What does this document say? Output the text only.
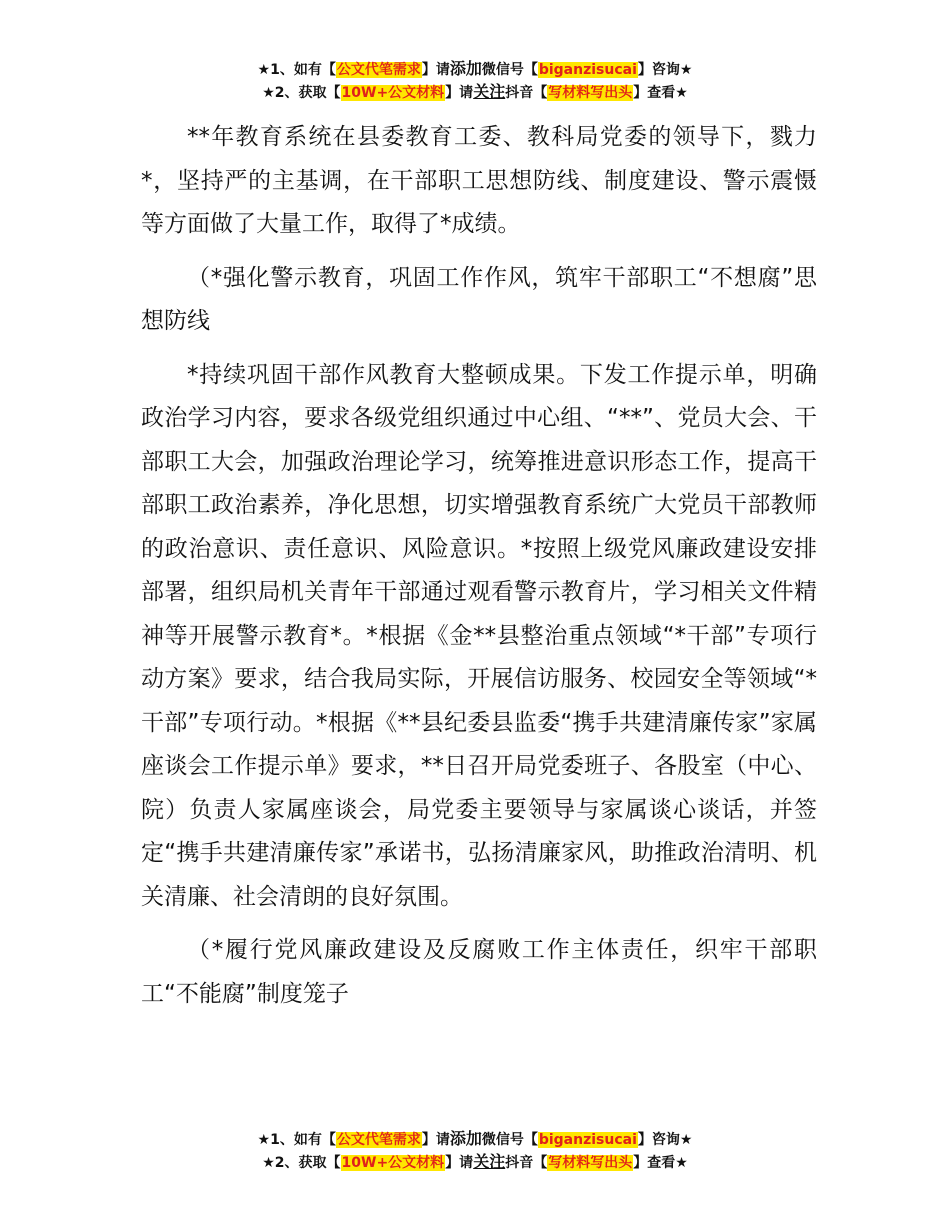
★1、如有【公文代笔需求】请添加微信号【biganzisucai】咨询★
★2、获取【10W+公文材料】请关注抖音【写材料写出头】查看★

**年教育系统在县委教育工委、教科局党委的领导下，戮力*，坚持严的主基调，在干部职工思想防线、制度建设、警示震慑等方面做了大量工作，取得了*成绩。

（*强化警示教育，巩固工作作风，筑牢干部职工“不想腐”思想防线

*持续巩固干部作风教育大整顿成果。下发工作提示单，明确政治学习内容，要求各级党组织通过中心组、“**”、党员大会、干部职工大会，加强政治理论学习，统筹推进意识形态工作，提高干部职工政治素养，净化思想，切实增强教育系统广大党员干部教师的政治意识、责任意识、风险意识。*按照上级党风廉政建设安排部署，组织局机关青年干部通过观看警示教育片，学习相关文件精神等开展警示教育*。*根据《金**县整治重点领域“*干部”专项行动方案》要求，结合我局实际，开展信访服务、校园安全等领域“*干部”专项行动。*根据《**县纪委县监委“携手共建清廉传家”家属座谈会工作提示单》要求，**日召开局党委班子、各股室（中心、院）负责人家属座谈会，局党委主要领导与家属谈心谈话，并签定“携手共建清廉传家”承诺书，弘扬清廉家风，助推政治清明、机关清廉、社会清朗的良好氛围。

（*履行党风廉政建设及反腐败工作主体责任，织牢干部职工“不能腐”制度笼子

★1、如有【公文代笔需求】请添加微信号【biganzisucai】咨询★
★2、获取【10W+公文材料】请关注抖音【写材料写出头】查看★
